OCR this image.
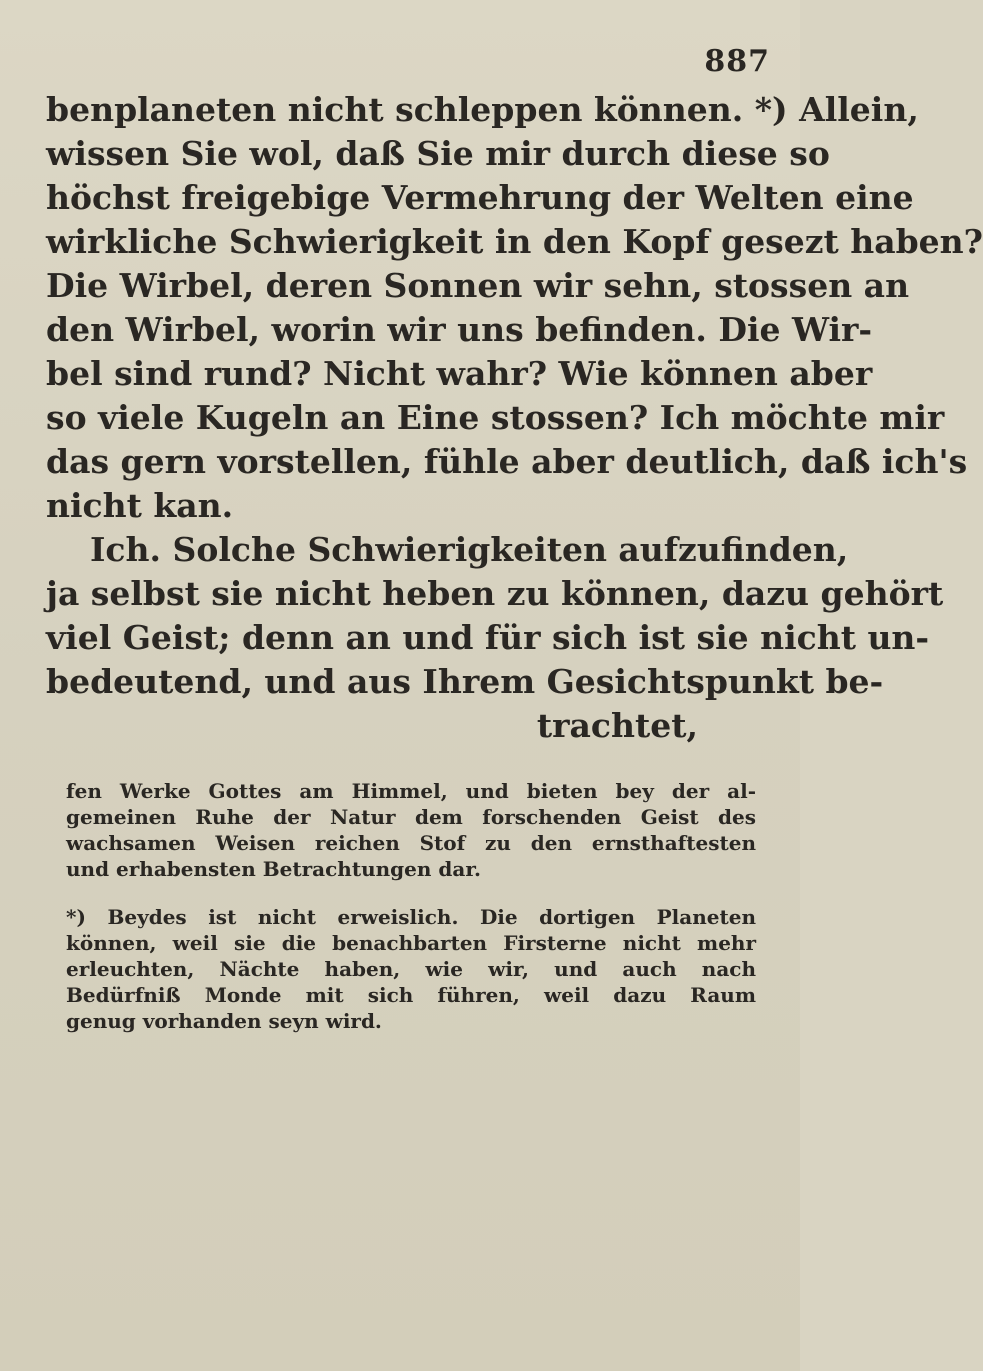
887
benplaneten nicht schleppen können. *) Allein,
wissen Sie wol, daß Sie mir durch diese so
höchst freigebige Vermehrung der Welten eine
wirkliche Schwierigkeit in den Kopf gesezt haben?
Die Wirbel, deren Sonnen wir sehn, stossen an
den Wirbel, worin wir uns befinden. Die Wir-
bel sind rund? Nicht wahr? Wie können aber
so viele Kugeln an Eine stossen? Ich möchte mir
das gern vorstellen, fühle aber deutlich, daß ich's
nicht kan.
Ich. Solche Schwierigkeiten aufzufinden,
ja selbst sie nicht heben zu können, dazu gehört
viel Geist; denn an und für sich ist sie nicht un-
bedeutend, und aus Ihrem Gesichtspunkt be-
trachtet,
fen Werke Gottes am Himmel, und bieten bey der al-
gemeinen Ruhe der Natur dem forschenden Geist des
wachsamen Weisen reichen Stof zu den ernsthaftesten
und erhabensten Betrachtungen dar.
*) Beydes ist nicht erweislich. Die dortigen Planeten
können, weil sie die benachbarten Firsterne nicht mehr
erleuchten, Nächte haben, wie wir, und auch nach
Bedürfniß Monde mit sich führen, weil dazu Raum
genug vorhanden seyn wird.
